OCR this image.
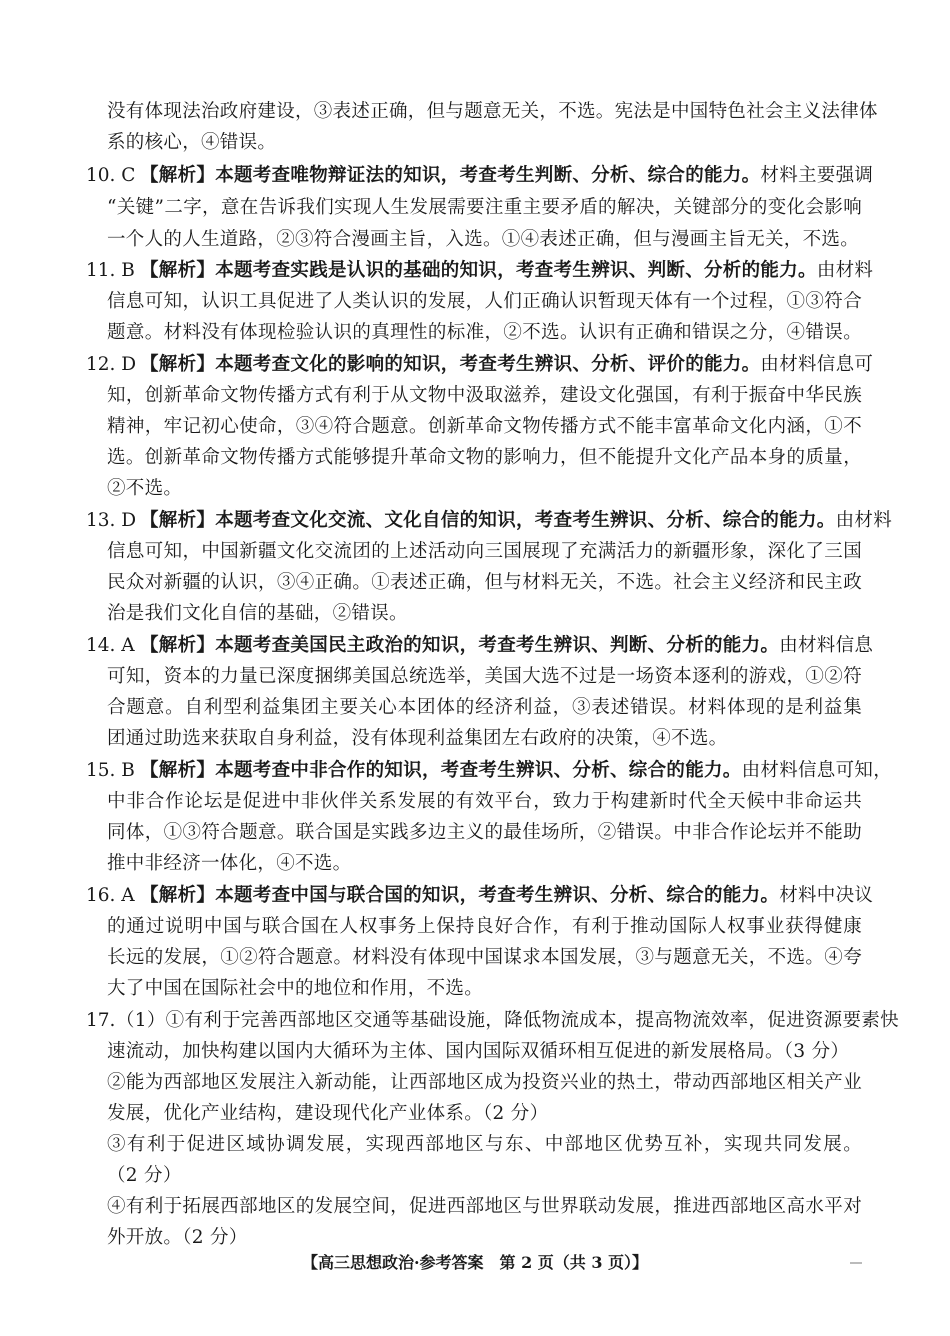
没有体现法治政府建设，③表述正确，但与题意无关，不选。宪法是中国特色社会主义法律体
系的核心，④错误。
10. C 【解析】本题考查唯物辩证法的知识，考查考生判断、分析、综合的能力。材料主要强调
“关键”二字，意在告诉我们实现人生发展需要注重主要矛盾的解决，关键部分的变化会影响
一个人的人生道路，②③符合漫画主旨，入选。①④表述正确，但与漫画主旨无关，不选。
11. B 【解析】本题考查实践是认识的基础的知识，考查考生辨识、判断、分析的能力。由材料
信息可知，认识工具促进了人类认识的发展，人们正确认识暂现天体有一个过程，①③符合
题意。材料没有体现检验认识的真理性的标准，②不选。认识有正确和错误之分，④错误。
12. D 【解析】本题考查文化的影响的知识，考查考生辨识、分析、评价的能力。由材料信息可
知，创新革命文物传播方式有利于从文物中汲取滋养，建设文化强国，有利于振奋中华民族
精神，牢记初心使命，③④符合题意。创新革命文物传播方式不能丰富革命文化内涵，①不
选。创新革命文物传播方式能够提升革命文物的影响力，但不能提升文化产品本身的质量，
②不选。
13. D 【解析】本题考查文化交流、文化自信的知识，考查考生辨识、分析、综合的能力。由材料
信息可知，中国新疆文化交流团的上述活动向三国展现了充满活力的新疆形象，深化了三国
民众对新疆的认识，③④正确。①表述正确，但与材料无关，不选。社会主义经济和民主政
治是我们文化自信的基础，②错误。
14. A 【解析】本题考查美国民主政治的知识，考查考生辨识、判断、分析的能力。由材料信息
可知，资本的力量已深度捆绑美国总统选举，美国大选不过是一场资本逐利的游戏，①②符
合题意。自利型利益集团主要关心本团体的经济利益，③表述错误。材料体现的是利益集
团通过助选来获取自身利益，没有体现利益集团左右政府的决策，④不选。
15. B 【解析】本题考查中非合作的知识，考查考生辨识、分析、综合的能力。由材料信息可知，
中非合作论坛是促进中非伙伴关系发展的有效平台，致力于构建新时代全天候中非命运共
同体，①③符合题意。联合国是实践多边主义的最佳场所，②错误。中非合作论坛并不能助
推中非经济一体化，④不选。
16. A 【解析】本题考查中国与联合国的知识，考查考生辨识、分析、综合的能力。材料中决议
的通过说明中国与联合国在人权事务上保持良好合作，有利于推动国际人权事业获得健康
长远的发展，①②符合题意。材料没有体现中国谋求本国发展，③与题意无关，不选。④夸
大了中国在国际社会中的地位和作用，不选。
17. （1）①有利于完善西部地区交通等基础设施，降低物流成本，提高物流效率，促进资源要素快
速流动，加快构建以国内大循环为主体、国内国际双循环相互促进的新发展格局。（3 分）
②能为西部地区发展注入新动能，让西部地区成为投资兴业的热土，带动西部地区相关产业
发展，优化产业结构，建设现代化产业体系。（2 分）
③有利于促进区域协调发展，实现西部地区与东、中部地区优势互补，实现共同发展。
（2 分）
④有利于拓展西部地区的发展空间，促进西部地区与世界联动发展，推进西部地区高水平对
外开放。（2 分）
【高三思想政治·参考答案　第 2 页（共 3 页）】
